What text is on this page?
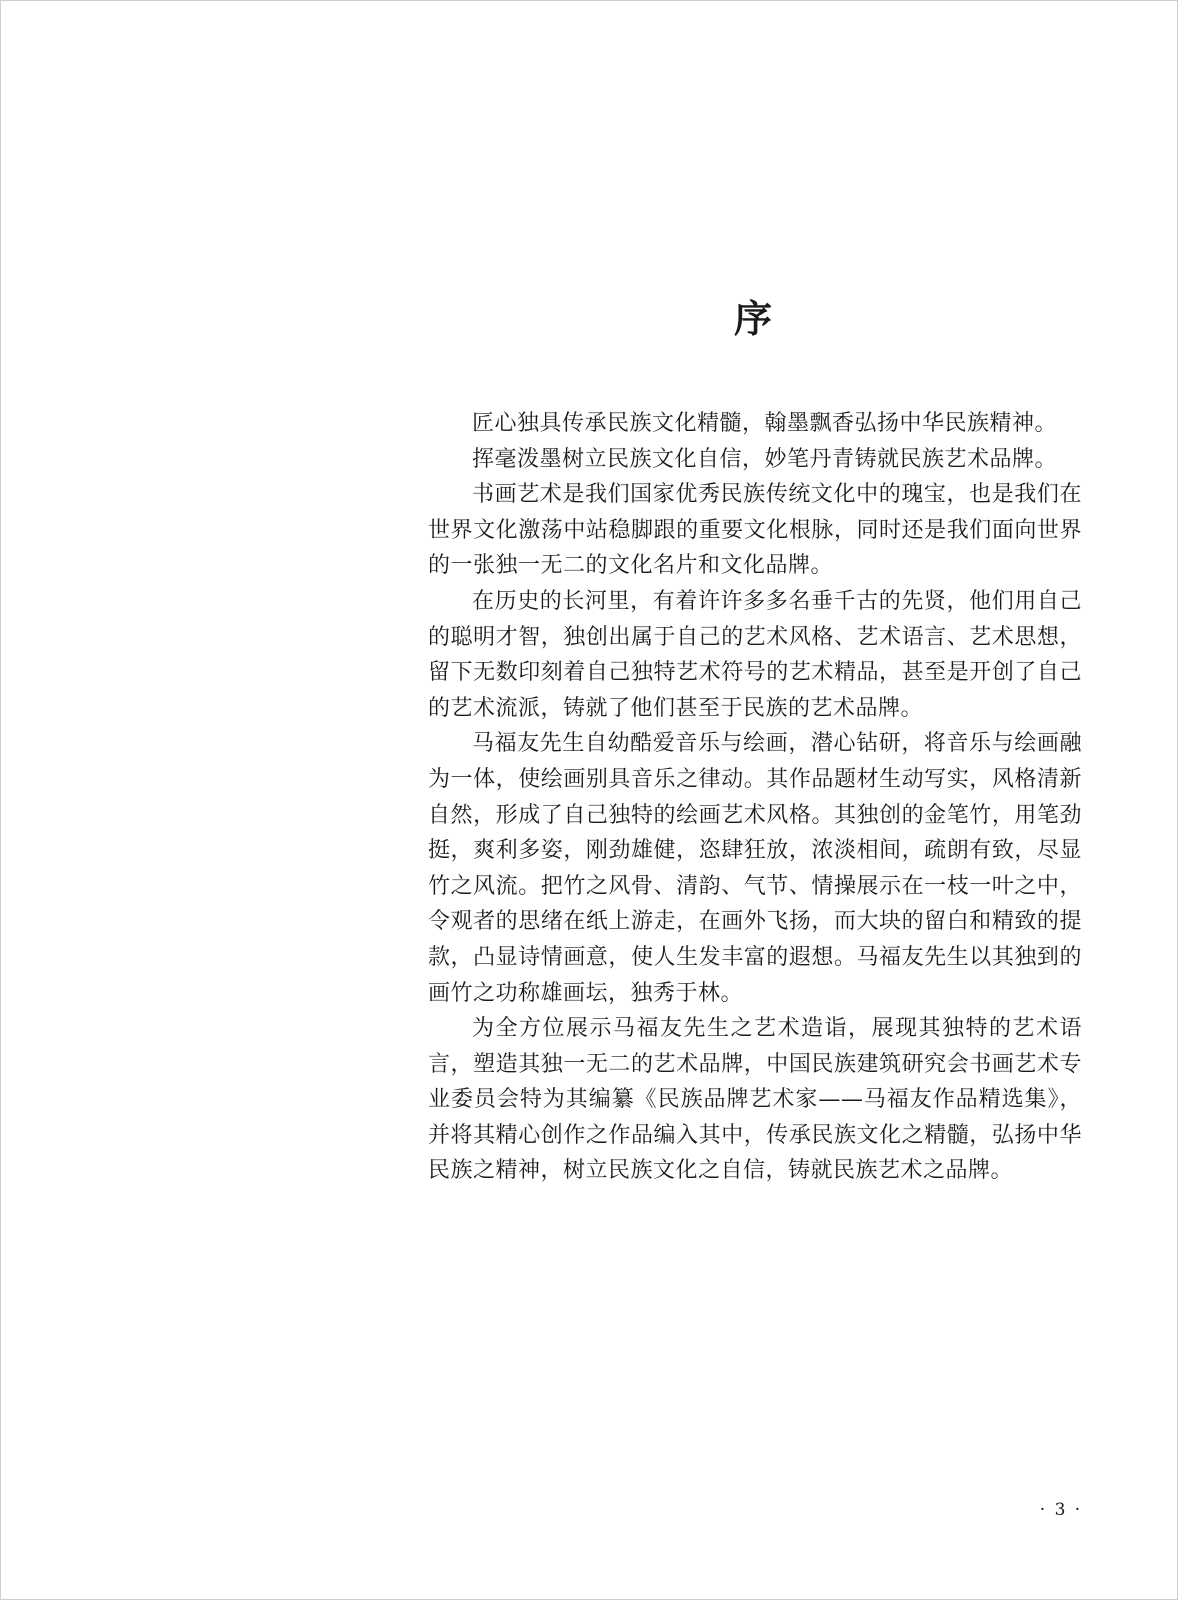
序

匠心独具传承民族文化精髓，翰墨飘香弘扬中华民族精神。

挥毫泼墨树立民族文化自信，妙笔丹青铸就民族艺术品牌。

书画艺术是我们国家优秀民族传统文化中的瑰宝，也是我们在世界文化激荡中站稳脚跟的重要文化根脉，同时还是我们面向世界的一张独一无二的文化名片和文化品牌。

在历史的长河里，有着许许多多名垂千古的先贤，他们用自己的聪明才智，独创出属于自己的艺术风格、艺术语言、艺术思想，留下无数印刻着自己独特艺术符号的艺术精品，甚至是开创了自己的艺术流派，铸就了他们甚至于民族的艺术品牌。

马福友先生自幼酷爱音乐与绘画，潜心钻研，将音乐与绘画融为一体，使绘画别具音乐之律动。其作品题材生动写实，风格清新自然，形成了自己独特的绘画艺术风格。其独创的金笔竹，用笔劲挺，爽利多姿，刚劲雄健，恣肆狂放，浓淡相间，疏朗有致，尽显竹之风流。把竹之风骨、清韵、气节、情操展示在一枝一叶之中，令观者的思绪在纸上游走，在画外飞扬，而大块的留白和精致的提款，凸显诗情画意，使人生发丰富的遐想。马福友先生以其独到的画竹之功称雄画坛，独秀于林。

为全方位展示马福友先生之艺术造诣，展现其独特的艺术语言，塑造其独一无二的艺术品牌，中国民族建筑研究会书画艺术专业委员会特为其编纂《民族品牌艺术家——马福友作品精选集》，并将其精心创作之作品编入其中，传承民族文化之精髓，弘扬中华民族之精神，树立民族文化之自信，铸就民族艺术之品牌。

· 3 ·
